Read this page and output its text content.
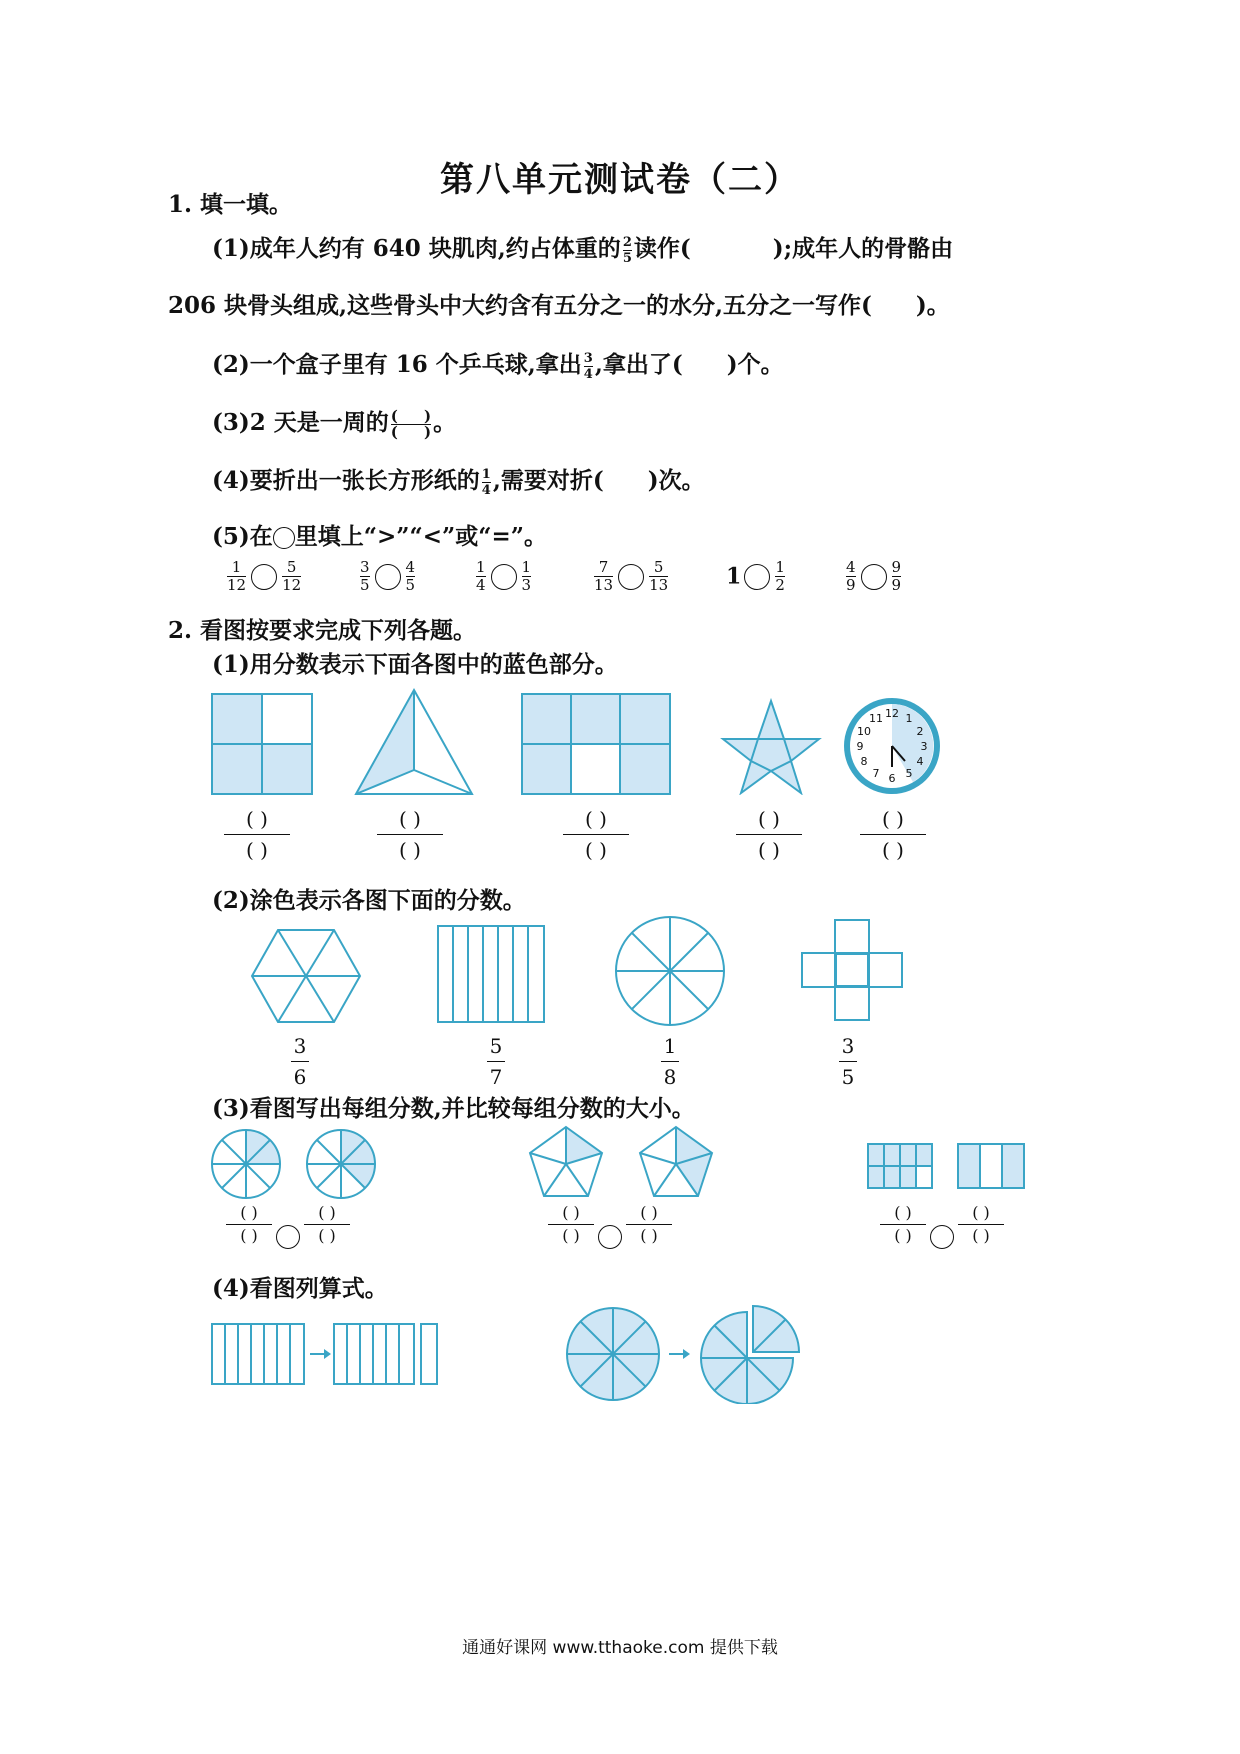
第八单元测试卷（二）
1. 填一填。
(1)成年人约有 640 块肌肉,约占体重的 $\frac{2}{5}$ 读作(	);成年人的骨骼由
206 块骨头组成,这些骨头中大约含有五分之一的水分,五分之一写作( )。
(2)一个盒子里有 16 个乒乓球,拿出 $\frac{3}{4}$ ,拿出了( )个。
(3)2 天是一周的 $\frac{( )}{( )}$ 。
(4)要折出一张长方形纸的 $\frac{1}{4}$ ,需要对折( )次。
(5)在 里填上“>”“<”或“=”。
$\frac{1}{12} \frac{5}{12}$	$\frac{3}{5} \frac{4}{5}$	$\frac{1}{4} \frac{1}{3}$	$\frac{7}{13} \frac{5}{13}$	$1 \frac{1}{2}$	$\frac{4}{9} \frac{9}{9}$
2. 看图按要求完成下列各题。
(1)用分数表示下面各图中的蓝色部分。
12 1
2
3
4
5
6
7
8
9
10
11
( )
( )
( )
( )
( )
( )
( )
( )
( )
( )
(2)涂色表示各图下面的分数。
3
6
5
7
1
8
3
5
(3)看图写出每组分数,并比较每组分数的大小。
( )
( )
( )
( )
( )
( )
( )
( )
( )
( )
( )
( )
(4)看图列算式。
通通好课网 www.tthaoke.com 提供下载
